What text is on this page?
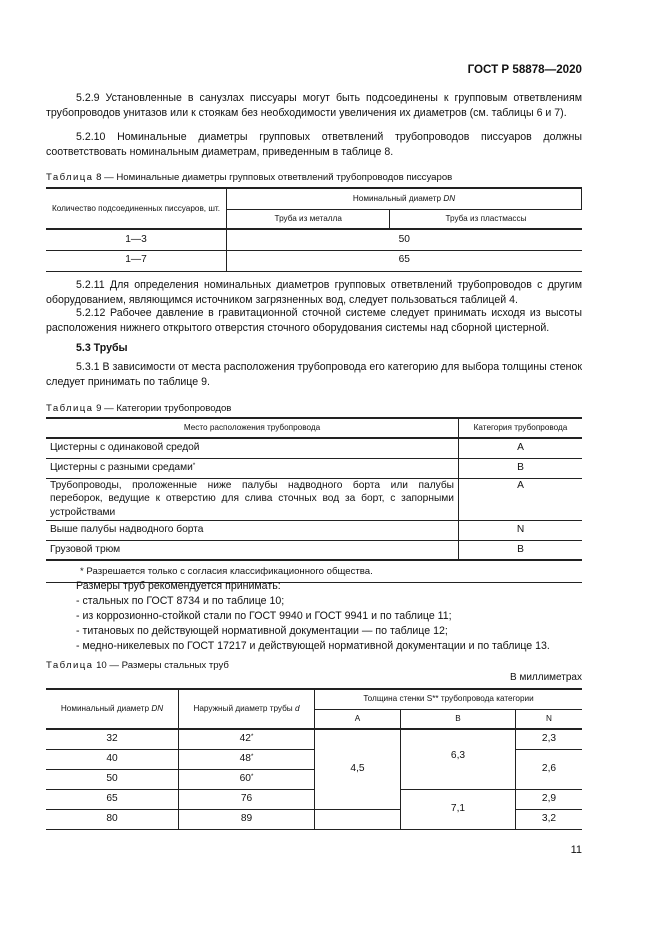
ГОСТ Р 58878—2020

5.2.9 Установленные в санузлах писсуары могут быть подсоединены к групповым ответвлениям трубопроводов унитазов или к стоякам без необходимости увеличения их диаметров (см. таблицы 6 и 7).

5.2.10 Номинальные диаметры групповых ответвлений трубопроводов писсуаров должны соответствовать номинальным диаметрам, приведенным в таблице 8.

Таблица 8 — Номинальные диаметры групповых ответвлений трубопроводов писсуаров
Количество подсоединенных писсуаров, шт.	Номинальный диаметр DN	
	Труба из металла	Труба из пластмассы
1—3	50	
1—7	65	

5.2.11 Для определения номинальных диаметров групповых ответвлений трубопроводов с другим оборудованием, являющимся источником загрязненных вод, следует пользоваться таблицей 4.

5.2.12 Рабочее давление в гравитационной сточной системе следует принимать исходя из высоты расположения нижнего открытого отверстия сточного оборудования системы над сборной цистерной.

5.3 Трубы

5.3.1 В зависимости от места расположения трубопровода его категорию для выбора толщины стенок следует принимать по таблице 9.

Таблица 9 — Категории трубопроводов
Место расположения трубопровода	Категория трубопровода
Цистерны с одинаковой средой	A
Цистерны с разными средами*	B
Трубопроводы, проложенные ниже палубы надводного борта или палубы переборок, ведущие к отверстию для слива сточных вод за борт, с запорными устройствами	A
Выше палубы надводного борта	N
Грузовой трюм	B
* Разрешается только с согласия классификационного общества.	

Размеры труб рекомендуется принимать:

- стальных по ГОСТ 8734 и по таблице 10;

- из коррозионно-стойкой стали по ГОСТ 9940 и ГОСТ 9941 и по таблице 11;

- титановых по действующей нормативной документации — по таблице 12;

- медно-никелевых по ГОСТ 17217 и действующей нормативной документации и по таблице 13.

Таблица 10 — Размеры стальных труб
В миллиметрах
Номинальный диаметр DN	Наружный диаметр трубы d	Толщина стенки S** трубопровода категории		
		A	B	N
32	42*	4,5		2,3
40	48*		6,3	2,6
50	60*
65	76		7,1	2,9
80	89			3,2
11
